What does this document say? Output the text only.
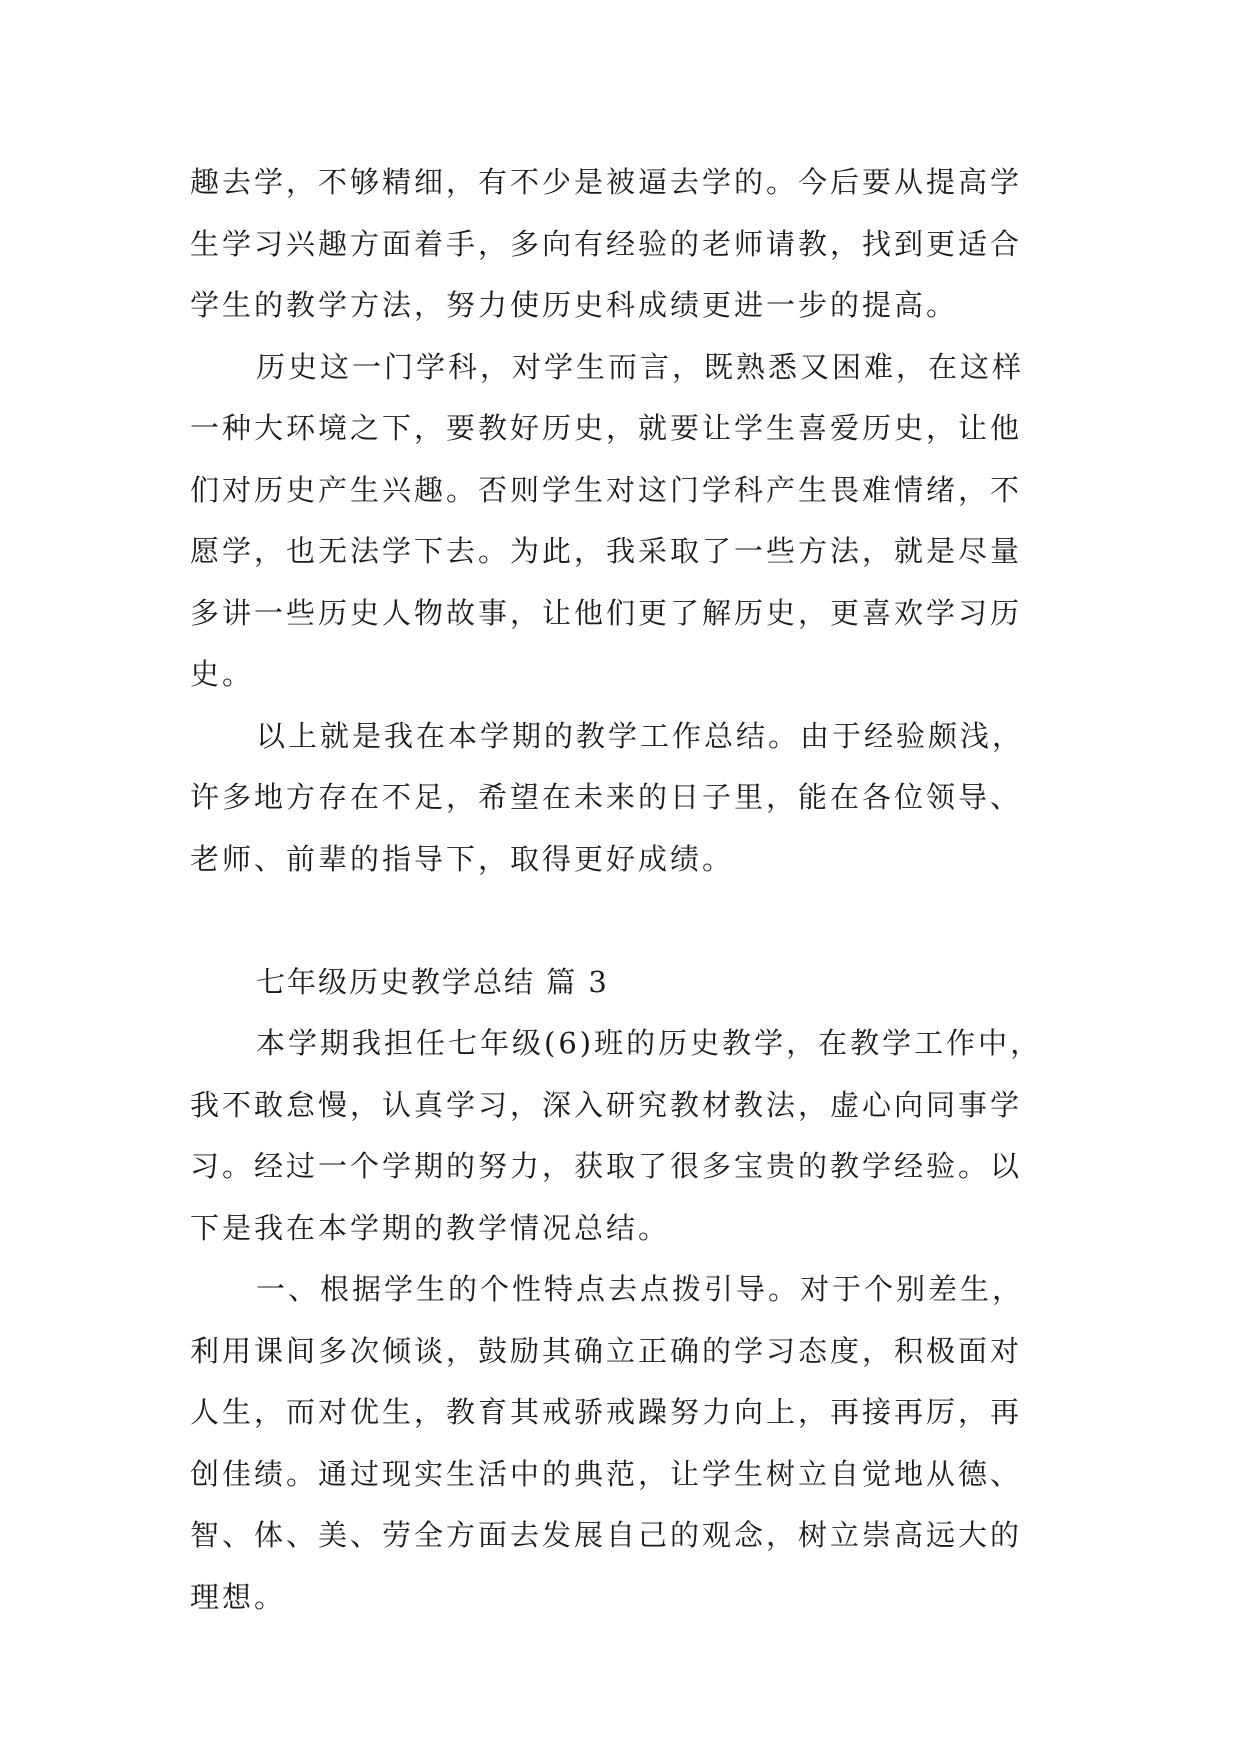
趣去学，不够精细，有不少是被逼去学的。今后要从提高学
生学习兴趣方面着手，多向有经验的老师请教，找到更适合
学生的教学方法，努力使历史科成绩更进一步的提高。
历史这一门学科，对学生而言，既熟悉又困难，在这样
一种大环境之下，要教好历史，就要让学生喜爱历史，让他
们对历史产生兴趣。否则学生对这门学科产生畏难情绪，不
愿学，也无法学下去。为此，我采取了一些方法，就是尽量
多讲一些历史人物故事，让他们更了解历史，更喜欢学习历
史。
以上就是我在本学期的教学工作总结。由于经验颇浅，
许多地方存在不足，希望在未来的日子里，能在各位领导、
老师、前辈的指导下，取得更好成绩。
七年级历史教学总结 篇 3
本学期我担任七年级(6)班的历史教学，在教学工作中，
我不敢怠慢，认真学习，深入研究教材教法，虚心向同事学
习。经过一个学期的努力，获取了很多宝贵的教学经验。以
下是我在本学期的教学情况总结。
一、根据学生的个性特点去点拨引导。对于个别差生，
利用课间多次倾谈，鼓励其确立正确的学习态度，积极面对
人生，而对优生，教育其戒骄戒躁努力向上，再接再厉，再
创佳绩。通过现实生活中的典范，让学生树立自觉地从德、
智、体、美、劳全方面去发展自己的观念，树立崇高远大的
理想。
